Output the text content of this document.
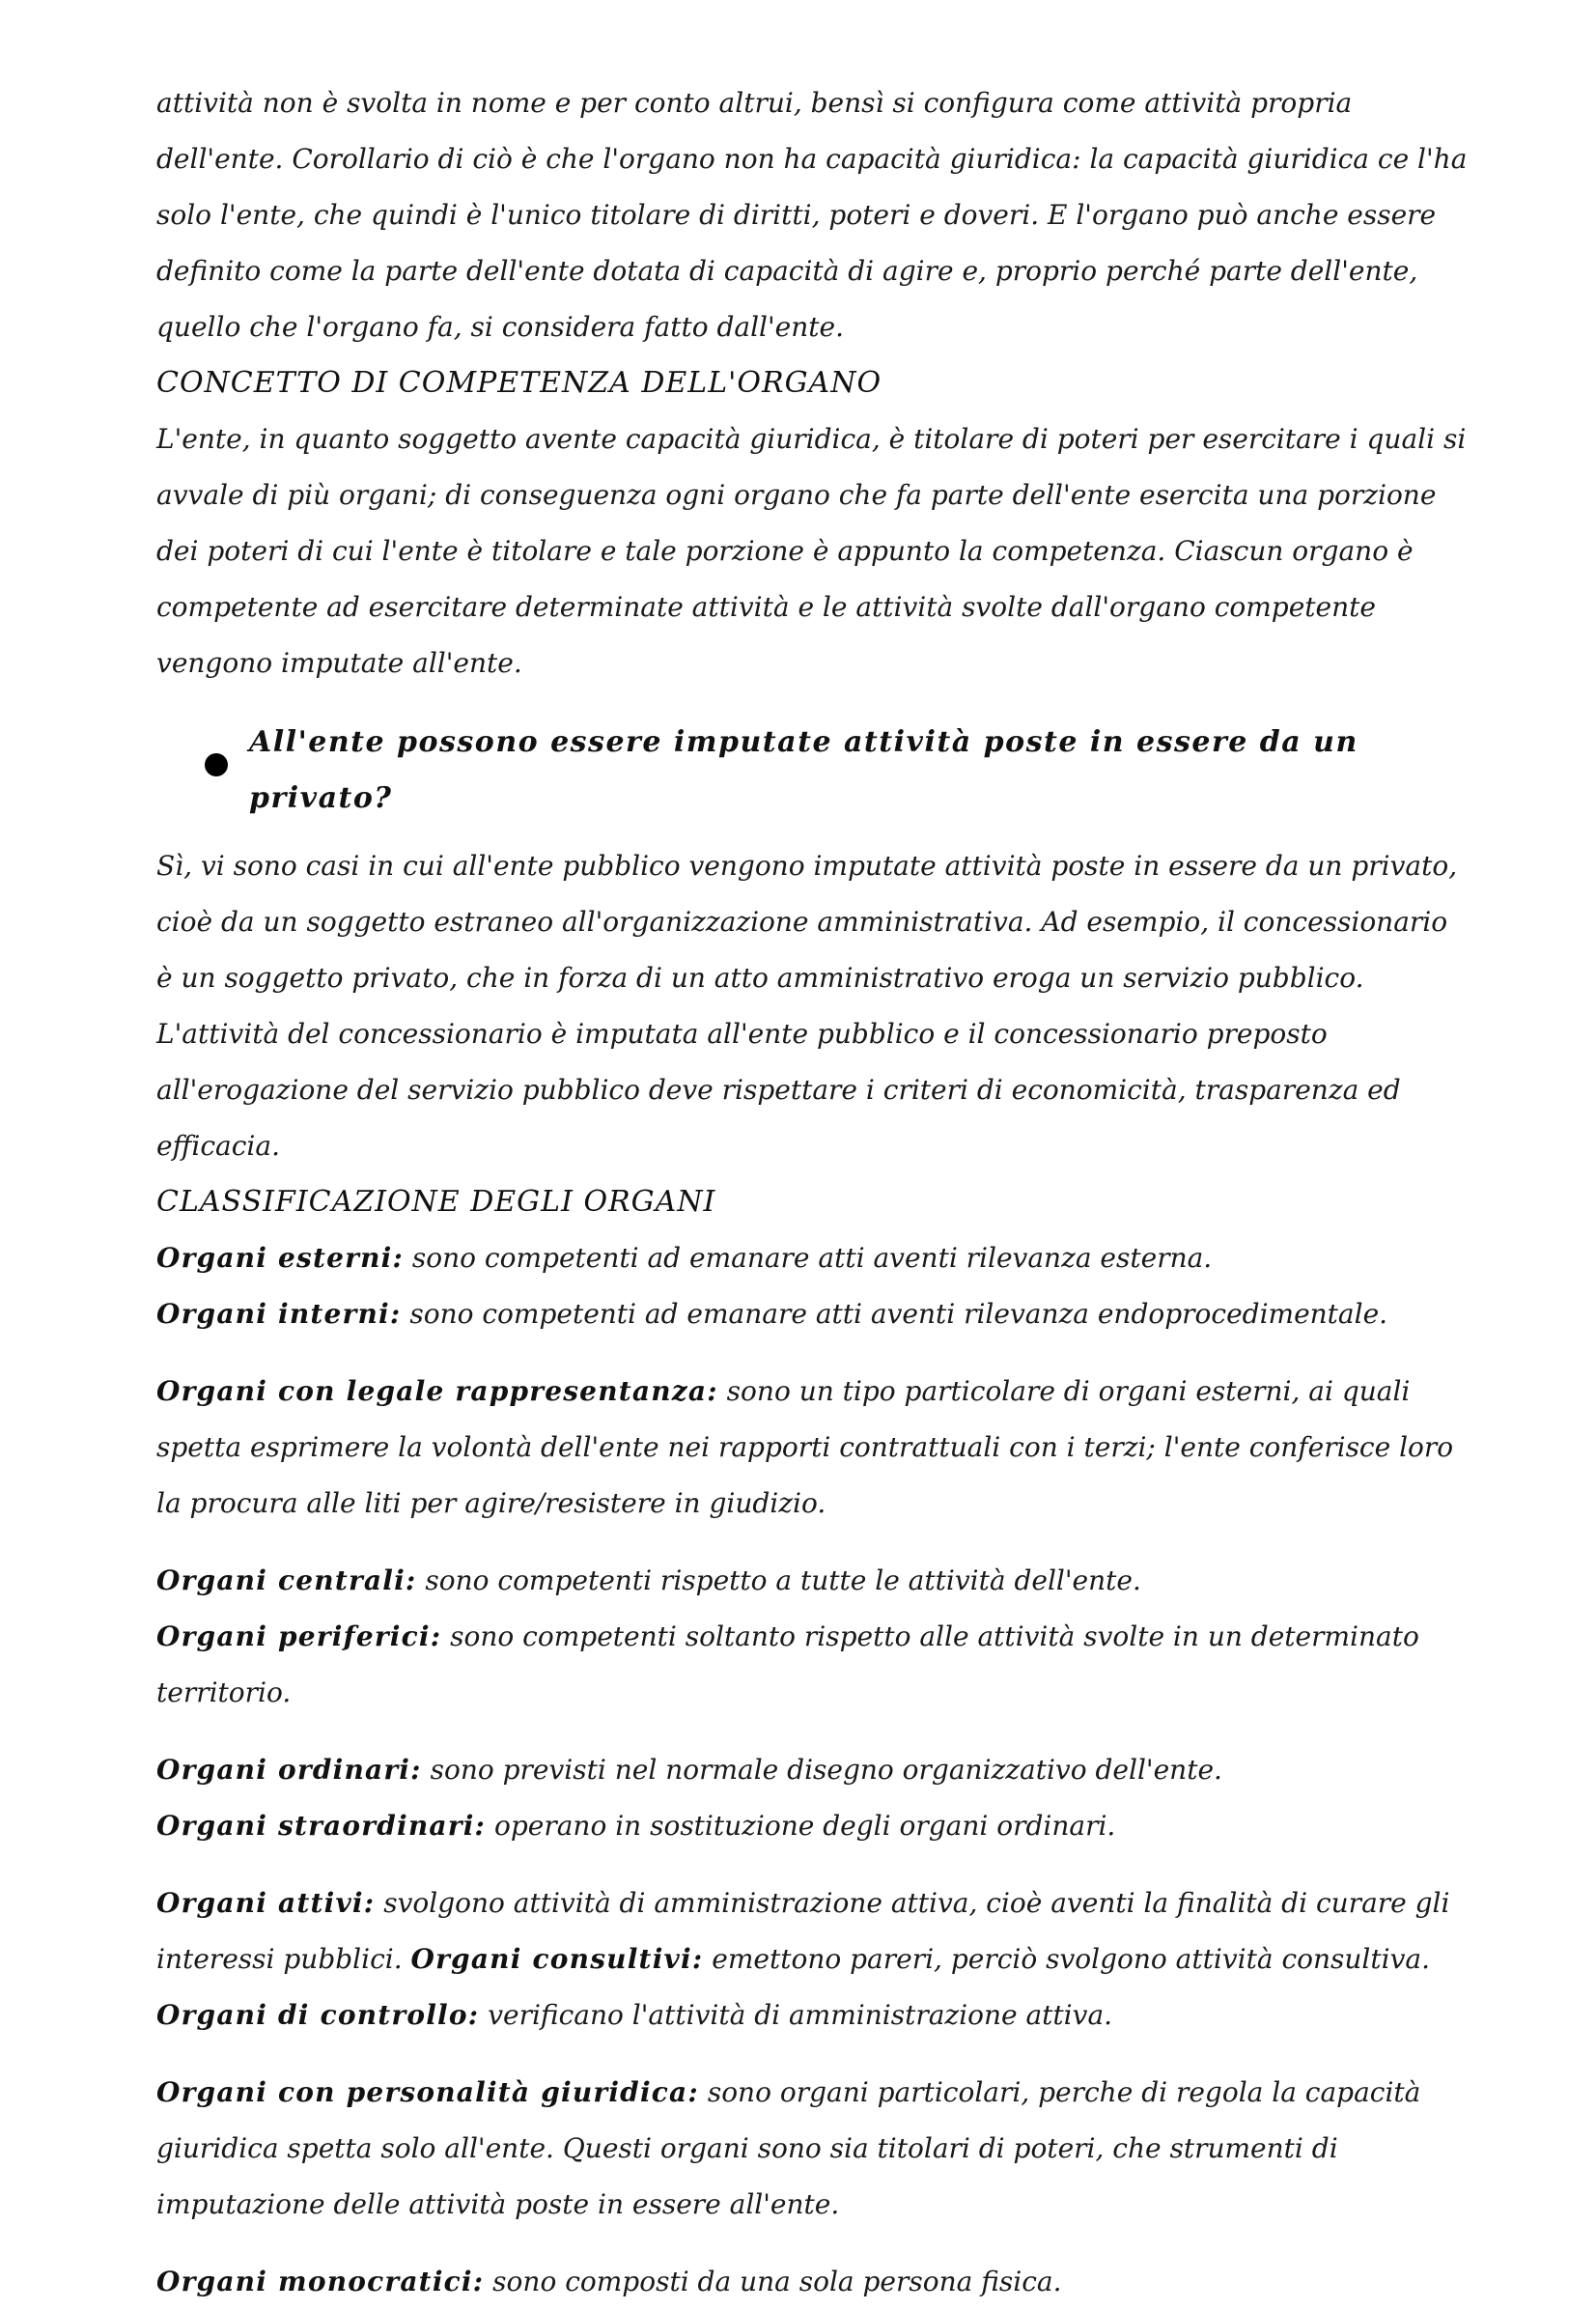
attività non è svolta in nome e per conto altrui, bensì si configura come attività propria dell'ente. Corollario di ciò è che l'organo non ha capacità giuridica: la capacità giuridica ce l'ha solo l'ente, che quindi è l'unico titolare di diritti, poteri e doveri. E l'organo può anche essere definito come la parte dell'ente dotata di capacità di agire e, proprio perché parte dell'ente, quello che l'organo fa, si considera fatto dall'ente.

CONCETTO DI COMPETENZA DELL'ORGANO

L'ente, in quanto soggetto avente capacità giuridica, è titolare di poteri per esercitare i quali si avvale di più organi; di conseguenza ogni organo che fa parte dell'ente esercita una porzione dei poteri di cui l'ente è titolare e tale porzione è appunto la competenza. Ciascun organo è competente ad esercitare determinate attività e le attività svolte dall'organo competente vengono imputate all'ente.

All'ente possono essere imputate attività poste in essere da un privato?

Sì, vi sono casi in cui all'ente pubblico vengono imputate attività poste in essere da un privato, cioè da un soggetto estraneo all'organizzazione amministrativa. Ad esempio, il concessionario è un soggetto privato, che in forza di un atto amministrativo eroga un servizio pubblico. L'attività del concessionario è imputata all'ente pubblico e il concessionario preposto all'erogazione del servizio pubblico deve rispettare i criteri di economicità, trasparenza ed efficacia.

CLASSIFICAZIONE DEGLI ORGANI

Organi esterni: sono competenti ad emanare atti aventi rilevanza esterna.

Organi interni: sono competenti ad emanare atti aventi rilevanza endoprocedimentale.

Organi con legale rappresentanza: sono un tipo particolare di organi esterni, ai quali spetta esprimere la volontà dell'ente nei rapporti contrattuali con i terzi; l'ente conferisce loro la procura alle liti per agire/resistere in giudizio.

Organi centrali: sono competenti rispetto a tutte le attività dell'ente.

Organi periferici: sono competenti soltanto rispetto alle attività svolte in un determinato territorio.

Organi ordinari: sono previsti nel normale disegno organizzativo dell'ente.

Organi straordinari: operano in sostituzione degli organi ordinari.

Organi attivi: svolgono attività di amministrazione attiva, cioè aventi la finalità di curare gli interessi pubblici. Organi consultivi: emettono pareri, perciò svolgono attività consultiva.

Organi di controllo: verificano l'attività di amministrazione attiva.

Organi con personalità giuridica: sono organi particolari, perche di regola la capacità giuridica spetta solo all'ente. Questi organi sono sia titolari di poteri, che strumenti di imputazione delle attività poste in essere all'ente.

Organi monocratici: sono composti da una sola persona fisica.
